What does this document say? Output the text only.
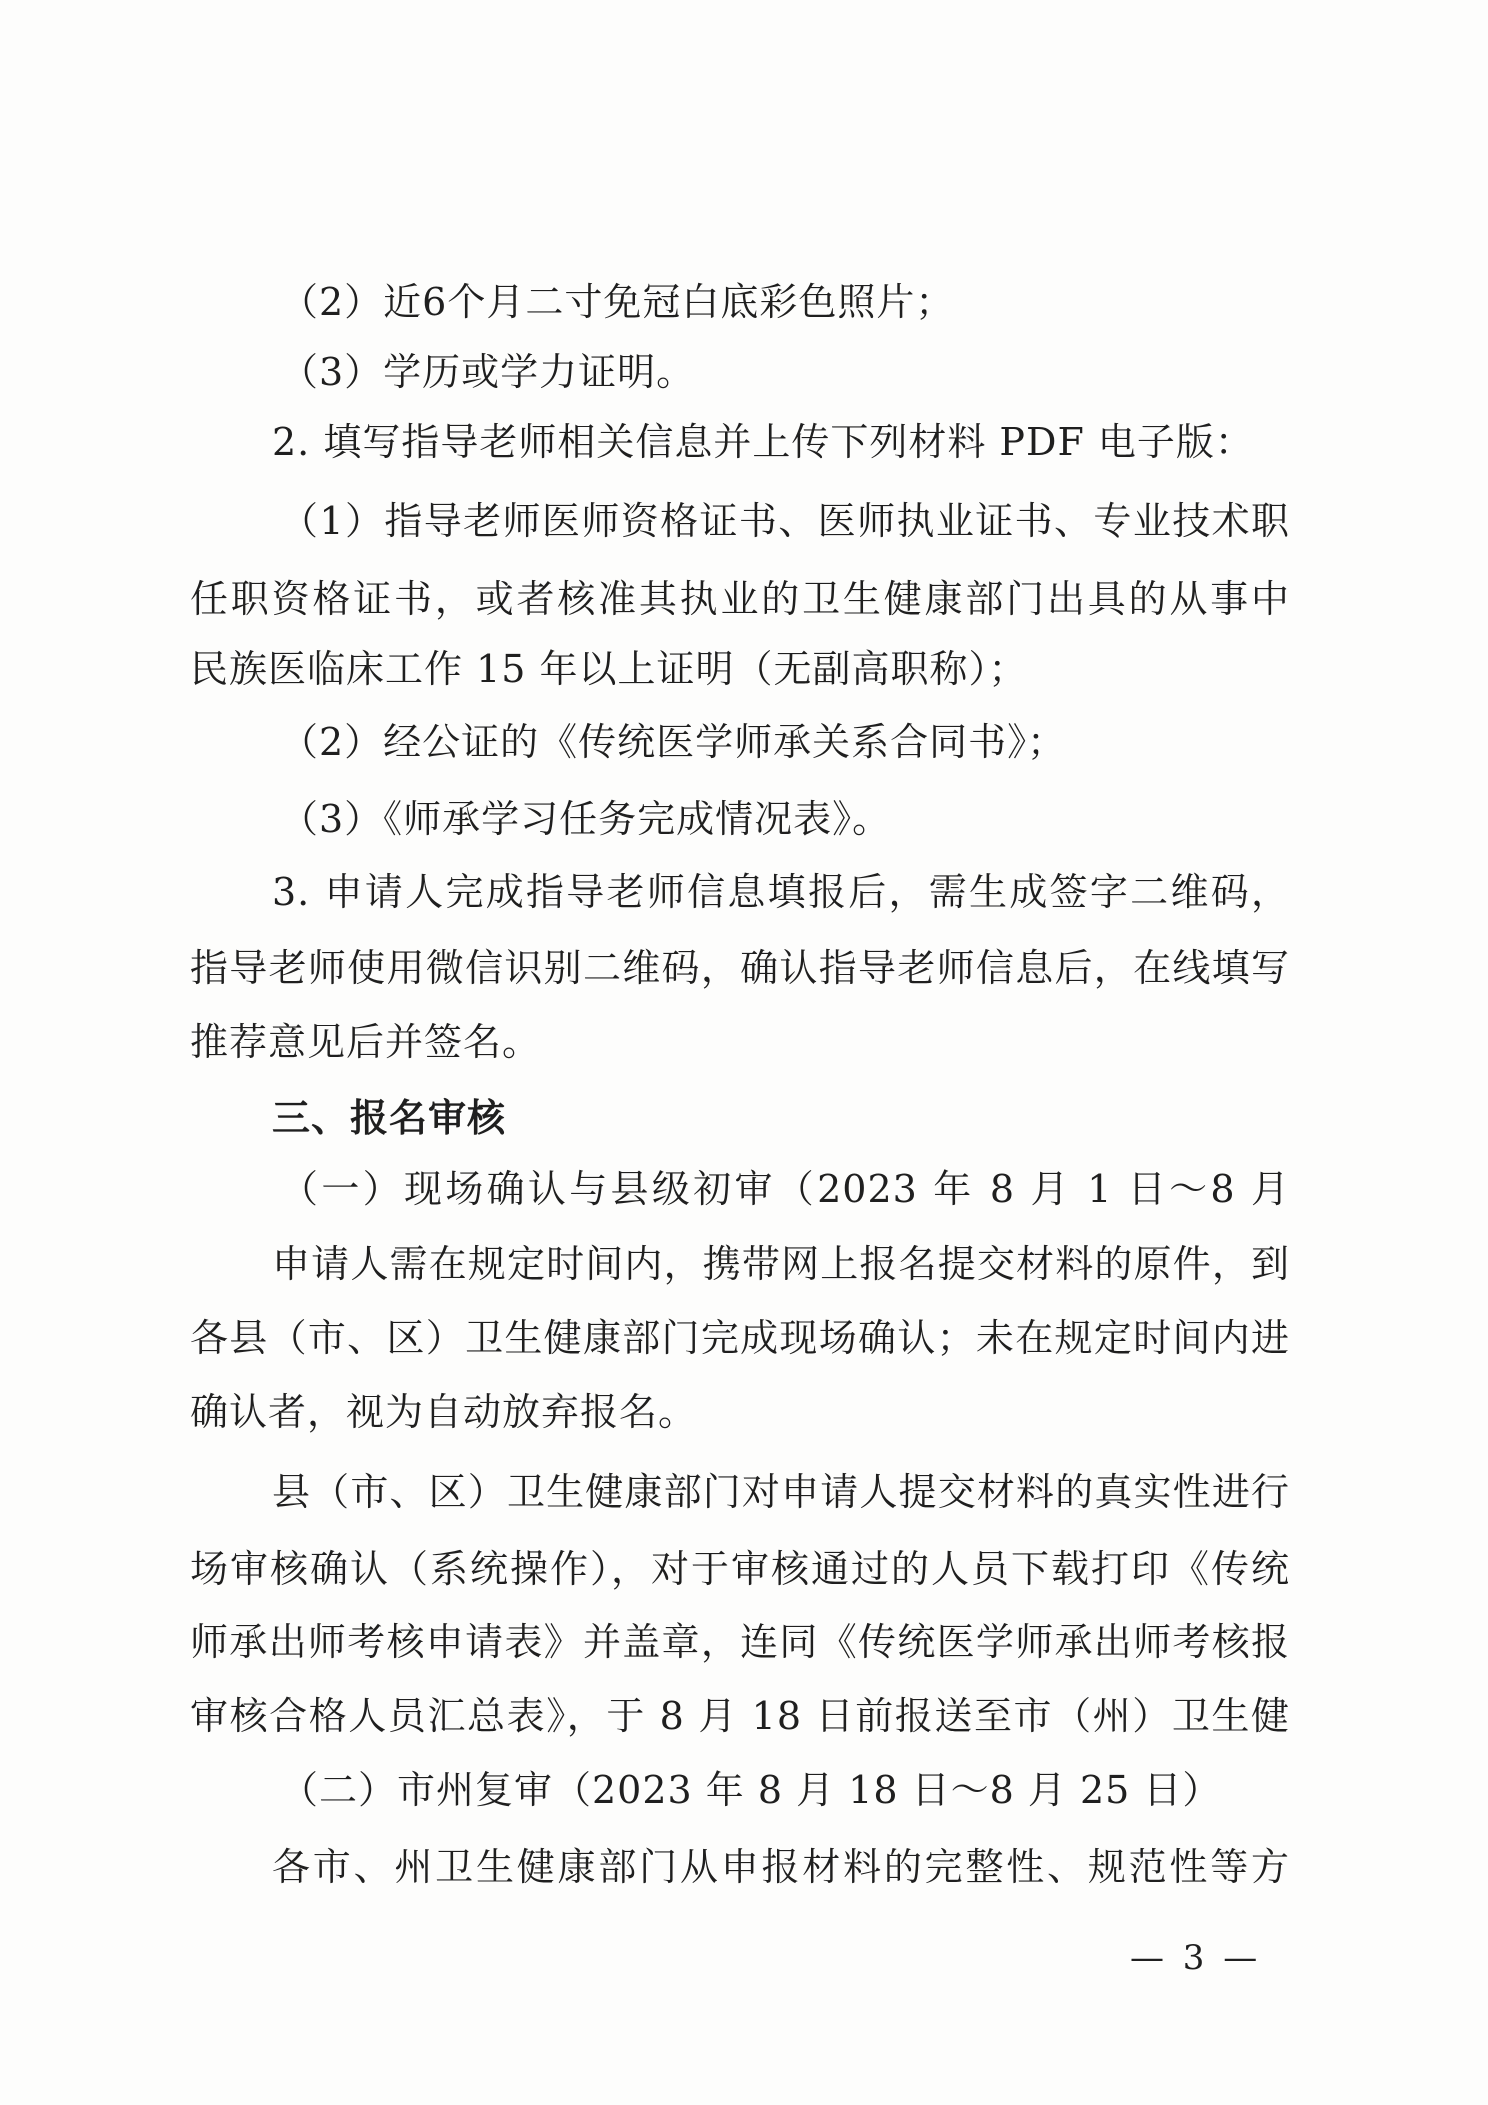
（2）近6个月二寸免冠白底彩色照片；
（3）学历或学力证明。
2. 填写指导老师相关信息并上传下列材料 PDF 电子版：
（1）指导老师医师资格证书、医师执业证书、专业技术职
任职资格证书，或者核准其执业的卫生健康部门出具的从事中
民族医临床工作 15 年以上证明（无副高职称）；
（2）经公证的《传统医学师承关系合同书》；
（3）《师承学习任务完成情况表》。
3. 申请人完成指导老师信息填报后，需生成签字二维码，
指导老师使用微信识别二维码，确认指导老师信息后，在线填写
推荐意见后并签名。
三、报名审核
（一）现场确认与县级初审（2023 年 8 月 1 日～8 月
申请人需在规定时间内，携带网上报名提交材料的原件，到
各县（市、区）卫生健康部门完成现场确认；未在规定时间内进
确认者，视为自动放弃报名。
县（市、区）卫生健康部门对申请人提交材料的真实性进行
场审核确认（系统操作），对于审核通过的人员下载打印《传统
师承出师考核申请表》并盖章，连同《传统医学师承出师考核报
审核合格人员汇总表》，于 8 月 18 日前报送至市（州）卫生健
（二）市州复审（2023 年 8 月 18 日～8 月 25 日）
各市、州卫生健康部门从申报材料的完整性、规范性等方
— 3 —
